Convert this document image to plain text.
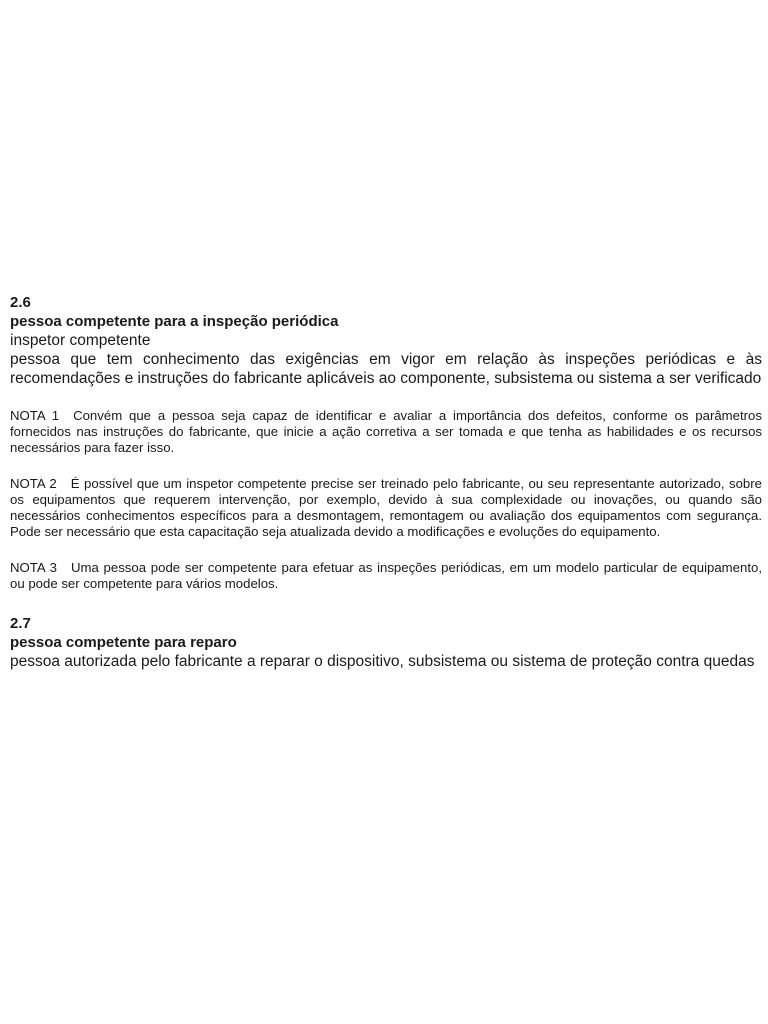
2.6
pessoa competente para a inspeção periódica
inspetor competente
pessoa que tem conhecimento das exigências em vigor em relação às inspeções periódicas e às recomendações e instruções do fabricante aplicáveis ao componente, subsistema ou sistema a ser verificado
NOTA 1 Convém que a pessoa seja capaz de identificar e avaliar a importância dos defeitos, conforme os parâmetros fornecidos nas instruções do fabricante, que inicie a ação corretiva a ser tomada e que tenha as habilidades e os recursos necessários para fazer isso.
NOTA 2 É possível que um inspetor competente precise ser treinado pelo fabricante, ou seu representante autorizado, sobre os equipamentos que requerem intervenção, por exemplo, devido à sua complexidade ou inovações, ou quando são necessários conhecimentos específicos para a desmontagem, remontagem ou avaliação dos equipamentos com segurança. Pode ser necessário que esta capacitação seja atualizada devido a modificações e evoluções do equipamento.
NOTA 3 Uma pessoa pode ser competente para efetuar as inspeções periódicas, em um modelo particular de equipamento, ou pode ser competente para vários modelos.
2.7
pessoa competente para reparo
pessoa autorizada pelo fabricante a reparar o dispositivo, subsistema ou sistema de proteção contra quedas
